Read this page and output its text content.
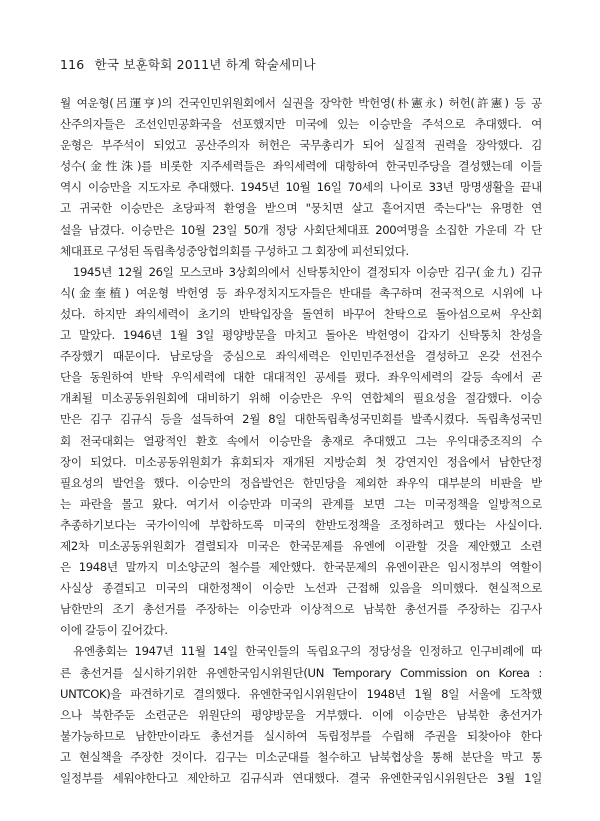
116 한국 보훈학회 2011년 하계 학술세미나
월 여운형(呂運亨)의 건국인민위원회에서 실권을 장악한 박헌영(朴憲永) 허헌(許憲) 등 공
산주의자들은 조선인민공화국을 선포했지만 미국에 있는 이승만을 주석으로 추대했다. 여
운형은 부주석이 되었고 공산주의자 허헌은 국무총리가 되어 실질적 권력을 장악했다. 김
성수(金性洙)를 비롯한 지주세력들은 좌익세력에 대항하여 한국민주당을 결성했는데 이들
역시 이승만을 지도자로 추대했다. 1945년 10월 16일 70세의 나이로 33년 망명생활을 끝내
고 귀국한 이승만은 초당파적 환영을 받으며 "뭉치면 살고 흩어지면 죽는다"는 유명한 연
설을 남겼다. 이승만은 10월 23일 50개 정당 사회단체대표 200여명을 소집한 가운데 각 단
체대표로 구성된 독립촉성중앙협의회를 구성하고 그 회장에 피선되었다.
1945년 12월 26일 모스코바 3상회의에서 신탁통치안이 결정되자 이승만 김구(金九) 김규
식(金奎植) 여운형 박헌영 등 좌우정치지도자들은 반대를 촉구하며 전국적으로 시위에 나
섰다. 하지만 좌익세력이 초기의 반탁입장을 돌연히 바꾸어 찬탁으로 돌아섬으로써 우산회
고 말았다. 1946년 1월 3일 평양방문을 마치고 돌아온 박헌영이 갑자기 신탁통치 찬성을
주장했기 때문이다. 남로당을 중심으로 좌익세력은 인민민주전선을 결성하고 온갖 선전수
단을 동원하여 반탁 우익세력에 대한 대대적인 공세를 폈다. 좌우익세력의 갈등 속에서 곧
개최될 미소공동위원회에 대비하기 위해 이승만은 우익 연합체의 필요성을 절감했다. 이승
만은 김구 김규식 등을 설득하여 2월 8일 대한독립촉성국민회를 발족시켰다. 독립촉성국민
회 전국대회는 열광적인 환호 속에서 이승만을 총재로 추대했고 그는 우익대중조직의 수
장이 되었다. 미소공동위원회가 휴회되자 재개된 지방순회 첫 강연지인 정읍에서 남한단정
필요성의 발언을 했다. 이승만의 정읍발언은 한민당을 제외한 좌우익 대부분의 비판을 받
는 파란을 몰고 왔다. 여기서 이승만과 미국의 관계를 보면 그는 미국정책을 일방적으로
추종하기보다는 국가이익에 부합하도록 미국의 한반도정책을 조정하려고 했다는 사실이다.
제2차 미소공동위원회가 결렬되자 미국은 한국문제를 유엔에 이관할 것을 제안했고 소련
은 1948년 말까지 미소양군의 철수를 제안했다. 한국문제의 유엔이관은 임시정부의 역할이
사실상 종결되고 미국의 대한정책이 이승만 노선과 근접해 있음을 의미했다. 현실적으로
남한만의 조기 총선거를 주장하는 이승만과 이상적으로 남북한 총선거를 주장하는 김구사
이에 갈등이 깊어갔다.
유엔총회는 1947년 11월 14일 한국인들의 독립요구의 정당성을 인정하고 인구비례에 따
른 총선거를 실시하기위한 유엔한국임시위원단(UN Temporary Commission on Korea :
UNTCOK)을 파견하기로 결의했다. 유엔한국임시위원단이 1948년 1월 8일 서울에 도착했
으나 북한주둔 소련군은 위원단의 평양방문을 거부했다. 이에 이승만은 남북한 총선거가
불가능하므로 남한만이라도 총선거를 실시하여 독립정부를 수립해 주권을 되찾아야 한다
고 현실책을 주장한 것이다. 김구는 미소군대를 철수하고 남북협상을 통해 분단을 막고 통
일정부를 세워야한다고 제안하고 김규식과 연대했다. 결국 유엔한국임시위원단은 3월 1일
